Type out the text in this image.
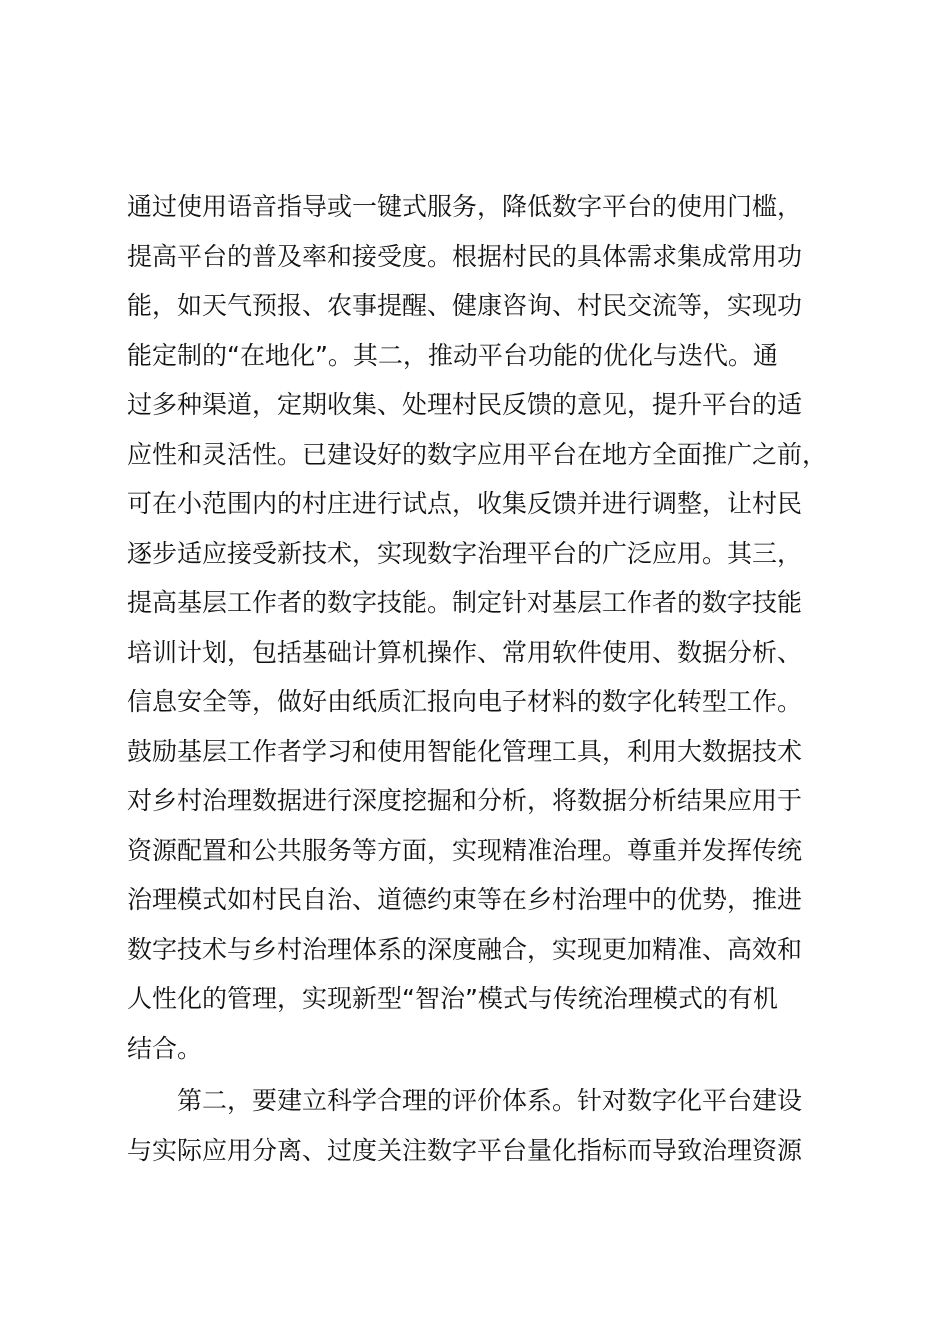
通过使用语音指导或一键式服务，降低数字平台的使用门槛，
提高平台的普及率和接受度。根据村民的具体需求集成常用功
能，如天气预报、农事提醒、健康咨询、村民交流等，实现功
能定制的“在地化”。其二，推动平台功能的优化与迭代。通
过多种渠道，定期收集、处理村民反馈的意见，提升平台的适
应性和灵活性。已建设好的数字应用平台在地方全面推广之前，
可在小范围内的村庄进行试点，收集反馈并进行调整，让村民
逐步适应接受新技术，实现数字治理平台的广泛应用。其三，
提高基层工作者的数字技能。制定针对基层工作者的数字技能
培训计划，包括基础计算机操作、常用软件使用、数据分析、
信息安全等，做好由纸质汇报向电子材料的数字化转型工作。
鼓励基层工作者学习和使用智能化管理工具，利用大数据技术
对乡村治理数据进行深度挖掘和分析，将数据分析结果应用于
资源配置和公共服务等方面，实现精准治理。尊重并发挥传统
治理模式如村民自治、道德约束等在乡村治理中的优势，推进
数字技术与乡村治理体系的深度融合，实现更加精准、高效和
人性化的管理，实现新型“智治”模式与传统治理模式的有机
结合。
第二，要建立科学合理的评价体系。针对数字化平台建设
与实际应用分离、过度关注数字平台量化指标而导致治理资源
